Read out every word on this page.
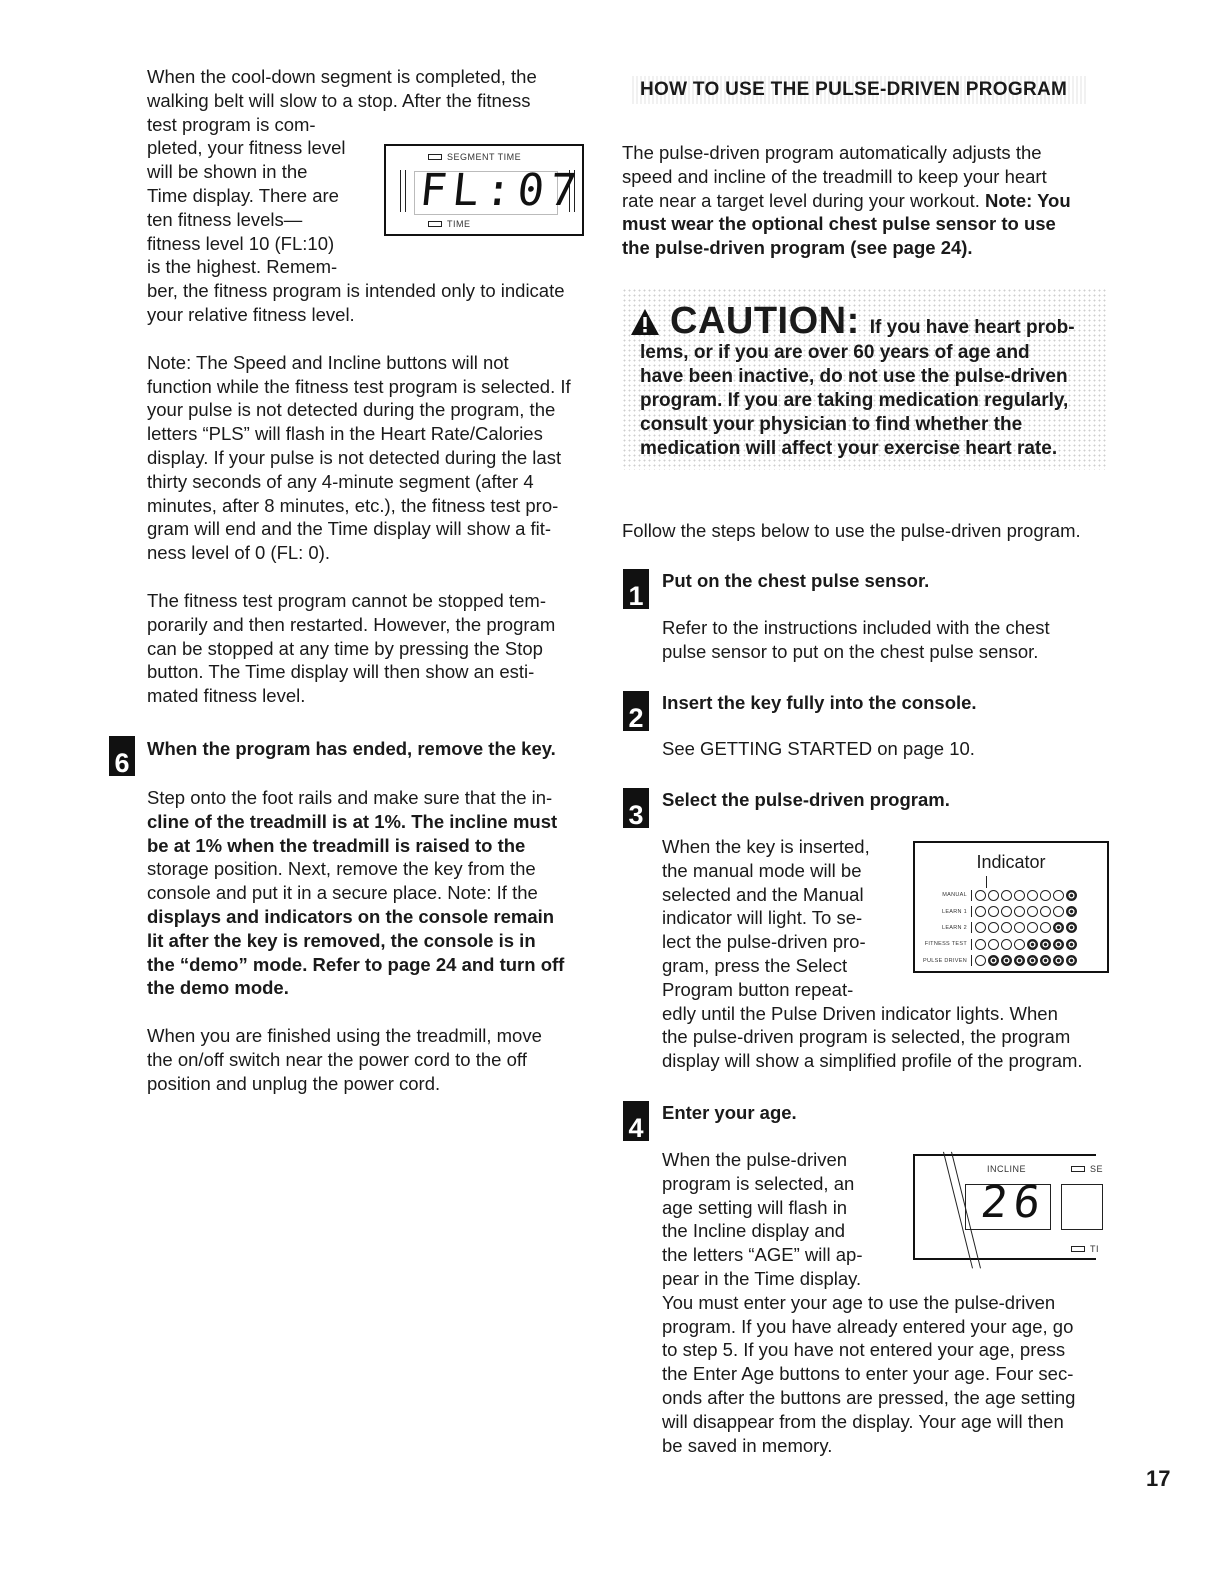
When the cool-down segment is completed, the

walking belt will slow to a stop. After the fitness

test program is com-

pleted, your fitness level

will be shown in the

Time display. There are

ten fitness levels—

fitness level 10 (FL:10)

is the highest. Remem-

ber, the fitness program is intended only to indicate

your relative fitness level.

Note: The Speed and Incline buttons will not

function while the fitness test program is selected. If

your pulse is not detected during the program, the

letters “PLS” will flash in the Heart Rate/Calories

display. If your pulse is not detected during the last

thirty seconds of any 4-minute segment (after 4

minutes, after 8 minutes, etc.), the fitness test pro-

gram will end and the Time display will show a fit-

ness level of 0 (FL: 0).

The fitness test program cannot be stopped tem-

porarily and then restarted. However, the program

can be stopped at any time by pressing the Stop

button. The Time display will then show an esti-

mated fitness level.

SEGMENT TIME
FL:07
TIME
6 When the program has ended, remove the key.

Step onto the foot rails and make sure that the in-

cline of the treadmill is at 1%. The incline must

be at 1% when the treadmill is raised to the

storage position. Next, remove the key from the

console and put it in a secure place. Note: If the

displays and indicators on the console remain

lit after the key is removed, the console is in

the “demo” mode. Refer to page 24 and turn off

the demo mode.

When you are finished using the treadmill, move

the on/off switch near the power cord to the off

position and unplug the power cord.

HOW TO USE THE PULSE-DRIVEN PROGRAM

The pulse-driven program automatically adjusts the

speed and incline of the treadmill to keep your heart

rate near a target level during your workout. Note: You

must wear the optional chest pulse sensor to use

the pulse-driven program (see page 24).

CAUTION: If you have heart prob-
lems, or if you are over 60 years of age and
have been inactive, do not use the pulse-driven
program. If you are taking medication regularly,
consult your physician to find whether the
medication will affect your exercise heart rate.
Follow the steps below to use the pulse-driven program.
1
Put on the chest pulse sensor.

Refer to the instructions included with the chest

pulse sensor to put on the chest pulse sensor.

2
Insert the key fully into the console.
See GETTING STARTED on page 10.
3
Select the pulse-driven program.

When the key is inserted,

the manual mode will be

selected and the Manual

indicator will light. To se-

lect the pulse-driven pro-

gram, press the Select

Program button repeat-

edly until the Pulse Driven indicator lights. When

the pulse-driven program is selected, the program

display will show a simplified profile of the program.

Indicator
MANUAL
LEARN 1
LEARN 2
FITNESS TEST
PULSE DRIVEN
4
Enter your age.

When the pulse-driven

program is selected, an

age setting will flash in

the Incline display and

the letters “AGE” will ap-

pear in the Time display.

You must enter your age to use the pulse-driven

program. If you have already entered your age, go

to step 5. If you have not entered your age, press

the Enter Age buttons to enter your age. Four sec-

onds after the buttons are pressed, the age setting

will disappear from the display. Your age will then

be saved in memory.

INCLINE
26
SE
TI
17
